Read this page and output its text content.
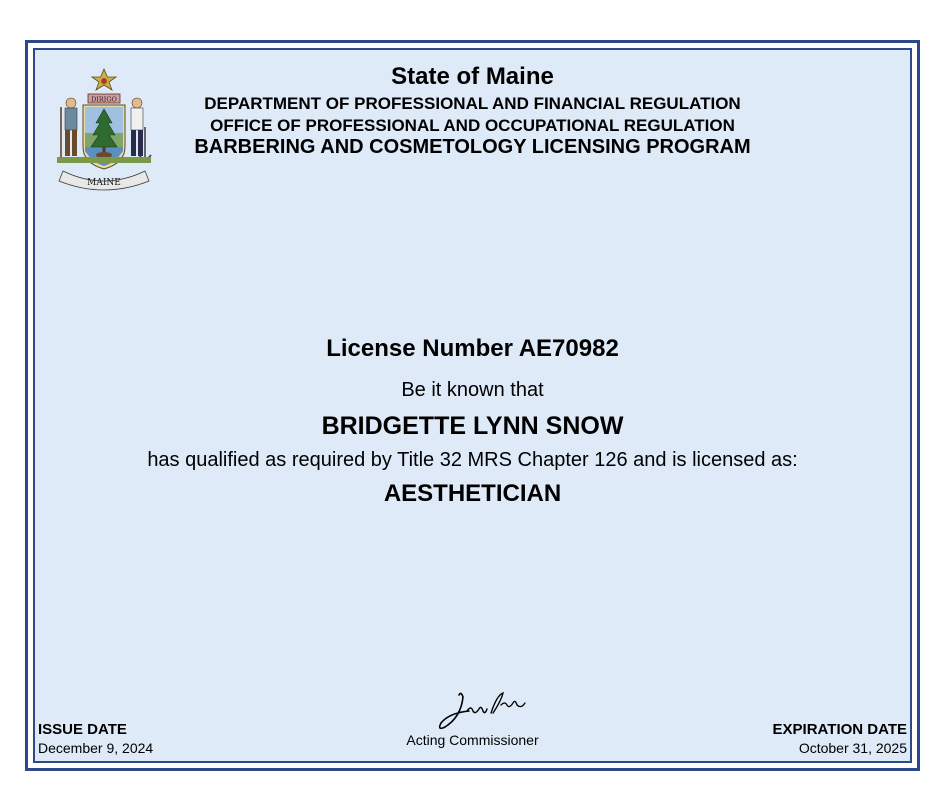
DIRIGO
MAINE
State of Maine
DEPARTMENT OF PROFESSIONAL AND FINANCIAL REGULATION
OFFICE OF PROFESSIONAL AND OCCUPATIONAL REGULATION
BARBERING AND COSMETOLOGY LICENSING PROGRAM
License Number AE70982
Be it known that
BRIDGETTE LYNN SNOW
has qualified as required by Title 32 MRS Chapter 126 and is licensed as:
AESTHETICIAN
ISSUE DATE
December 9, 2024	Acting Commissioner
EXPIRATION DATE
October 31, 2025
